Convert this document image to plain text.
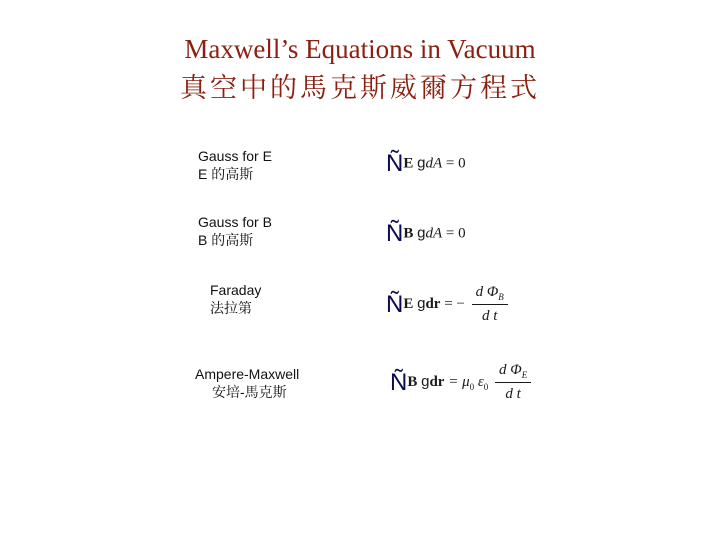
Maxwell’s Equations in Vacuum
真空中的馬克斯威爾方程式
Gauss for E
E 的高斯	ÑE gdA = 0
Gauss for B
B 的高斯	ÑB gdA = 0
Faraday
法拉第	ÑE gdr = − $\frac{d \Phi_B}{\text{d t}}$
Ampere-Maxwell
安培-馬克斯	ÑB gdr = $\mu_0$ $\varepsilon_0 \frac{d \Phi_E}{\text{d t}}$
